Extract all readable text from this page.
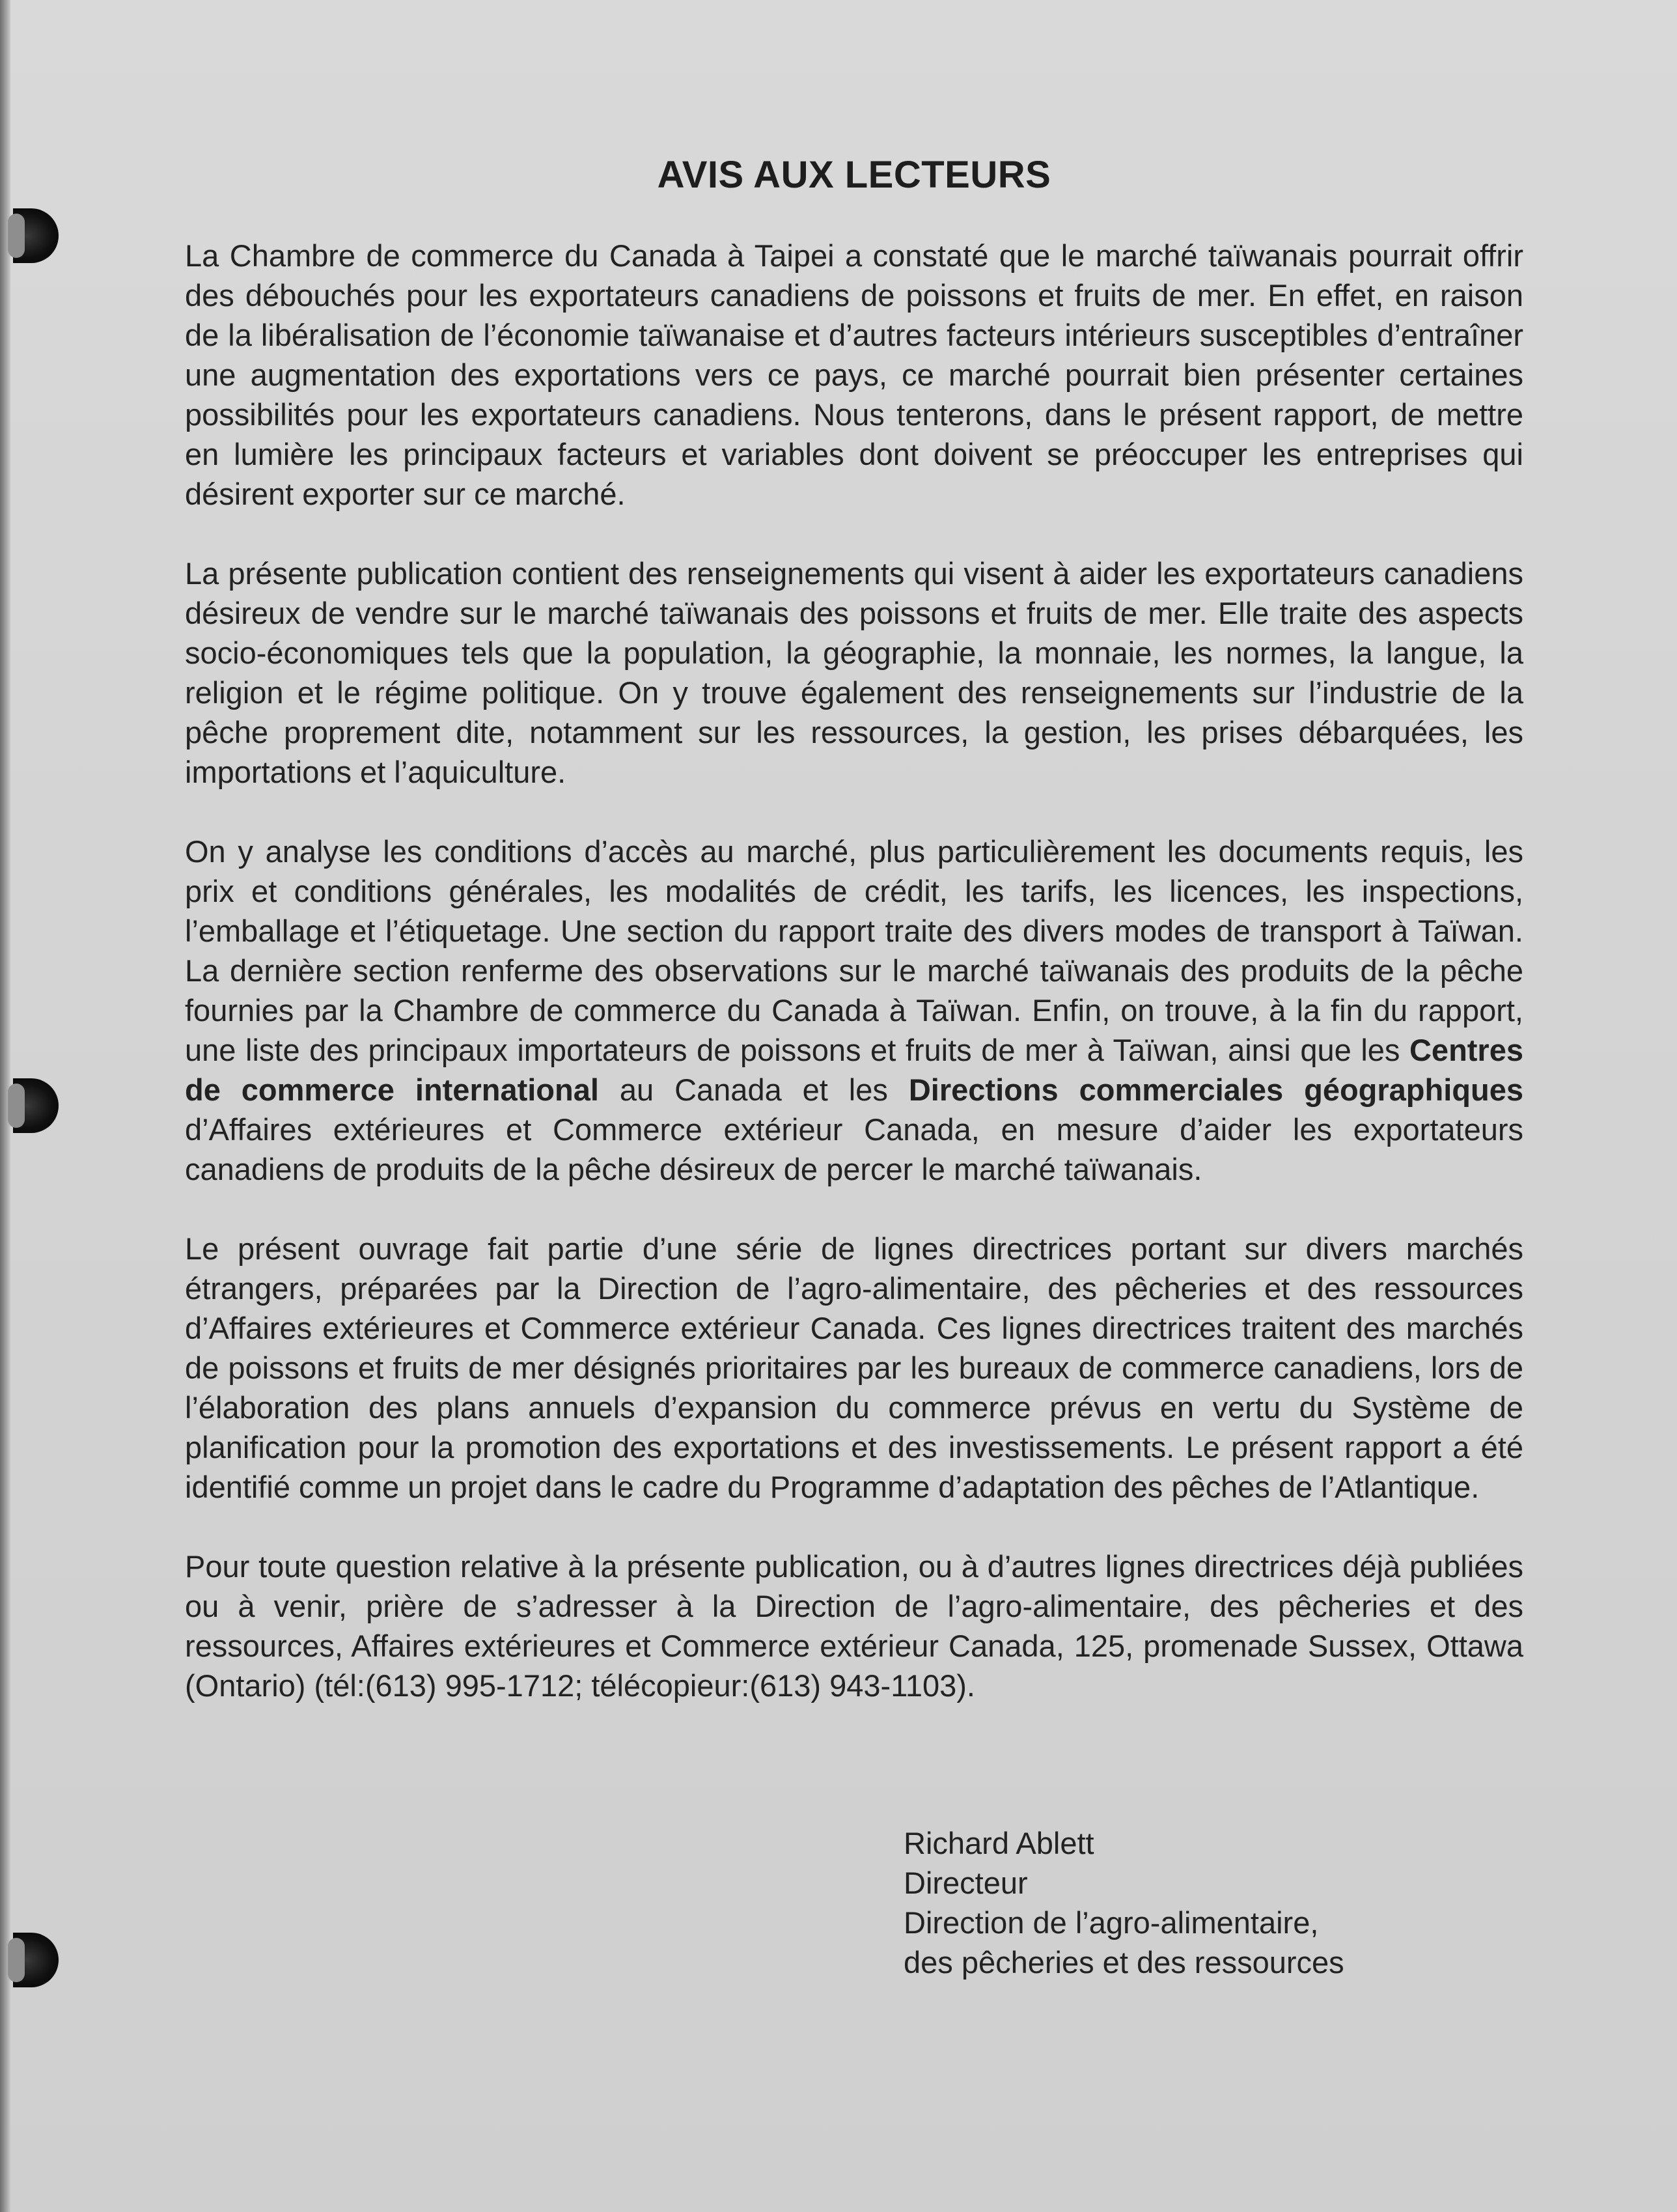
AVIS AUX LECTEURS

La Chambre de commerce du Canada à Taipei a constaté que le marché taïwanais pourrait offrir des débouchés pour les exportateurs canadiens de poissons et fruits de mer. En effet, en raison de la libéralisation de l’économie taïwanaise et d’autres facteurs intérieurs susceptibles d’entraîner une augmentation des exportations vers ce pays, ce marché pourrait bien présenter certaines possibilités pour les exportateurs canadiens. Nous tenterons, dans le présent rapport, de mettre en lumière les principaux facteurs et variables dont doivent se préoccuper les entreprises qui désirent exporter sur ce marché.

La présente publication contient des renseignements qui visent à aider les exportateurs canadiens désireux de vendre sur le marché taïwanais des poissons et fruits de mer. Elle traite des aspects socio-économiques tels que la population, la géographie, la monnaie, les normes, la langue, la religion et le régime politique. On y trouve également des renseignements sur l’industrie de la pêche proprement dite, notamment sur les ressources, la gestion, les prises débarquées, les importations et l’aquiculture.

On y analyse les conditions d’accès au marché, plus particulièrement les documents requis, les prix et conditions générales, les modalités de crédit, les tarifs, les licences, les inspections, l’emballage et l’étiquetage. Une section du rapport traite des divers modes de transport à Taïwan. La dernière section renferme des observations sur le marché taïwanais des produits de la pêche fournies par la Chambre de commerce du Canada à Taïwan. Enfin, on trouve, à la fin du rapport, une liste des principaux importateurs de poissons et fruits de mer à Taïwan, ainsi que les Centres de commerce international au Canada et les Directions commerciales géographiques d’Affaires extérieures et Commerce extérieur Canada, en mesure d’aider les exportateurs canadiens de produits de la pêche désireux de percer le marché taïwanais.

Le présent ouvrage fait partie d’une série de lignes directrices portant sur divers marchés étrangers, préparées par la Direction de l’agro-alimentaire, des pêcheries et des ressources d’Affaires extérieures et Commerce extérieur Canada. Ces lignes directrices traitent des marchés de poissons et fruits de mer désignés prioritaires par les bureaux de commerce canadiens, lors de l’élaboration des plans annuels d’expansion du commerce prévus en vertu du Système de planification pour la promotion des exportations et des investissements. Le présent rapport a été identifié comme un projet dans le cadre du Programme d’adaptation des pêches de l’Atlantique.

Pour toute question relative à la présente publication, ou à d’autres lignes directrices déjà publiées ou à venir, prière de s’adresser à la Direction de l’agro-alimentaire, des pêcheries et des ressources, Affaires extérieures et Commerce extérieur Canada, 125, promenade Sussex, Ottawa (Ontario) (tél:(613) 995-1712; télécopieur:(613) 943-1103).

Richard Ablett
Directeur
Direction de l’agro-alimentaire,
des pêcheries et des ressources
